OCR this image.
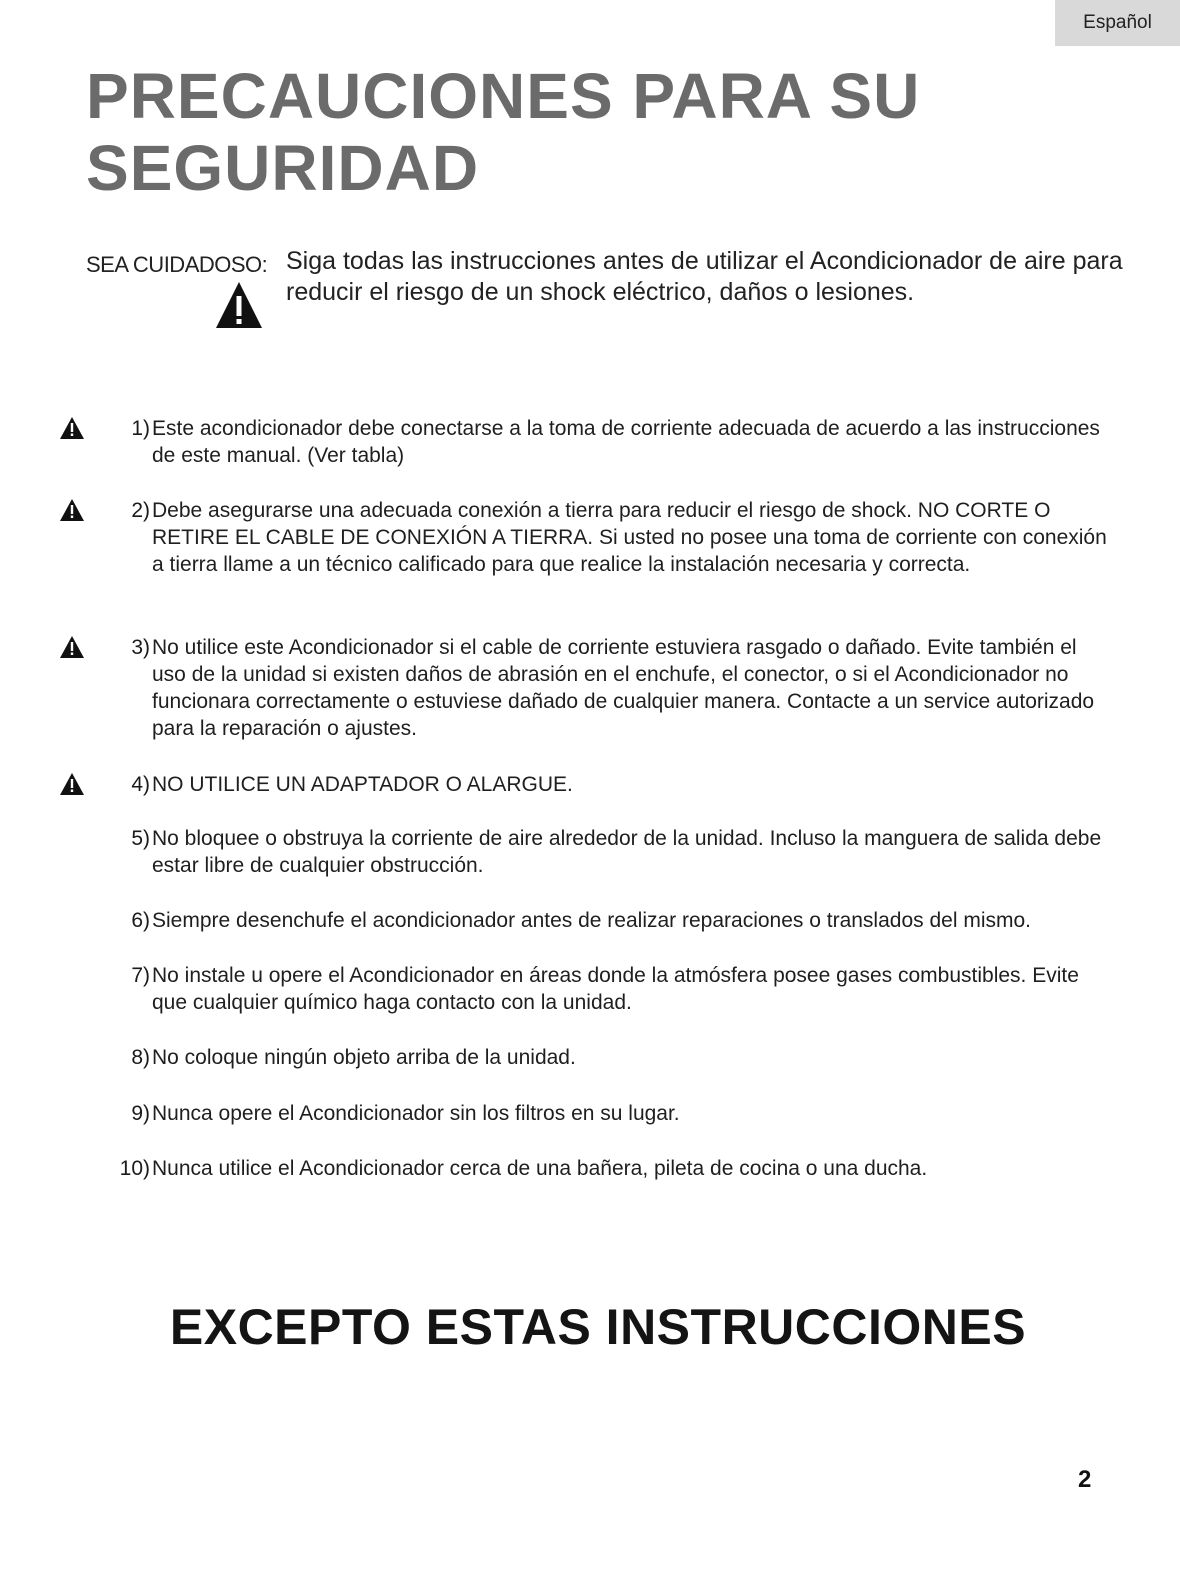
Español
PRECAUCIONES PARA SU SEGURIDAD
SEA CUIDADOSO: Siga todas las instrucciones antes de utilizar el Acondicionador de aire para reducir el riesgo de un shock eléctrico, daños o lesiones.
1) Este acondicionador debe conectarse a la toma de corriente adecuada de acuerdo a las instrucciones de este manual. (Ver tabla)
2) Debe asegurarse una adecuada conexión a tierra para reducir el riesgo de shock. NO CORTE O RETIRE EL CABLE DE CONEXIÓN A TIERRA. Si usted no posee una toma de corriente con conexión a tierra llame a un técnico calificado para que realice la instalación necesaria y correcta.
3) No utilice este Acondicionador si el cable de corriente estuviera rasgado o dañado. Evite también el uso de la unidad si existen daños de abrasión en el enchufe, el conector, o si el Acondicionador no funcionara correctamente o estuviese dañado de cualquier manera. Contacte a un service autorizado para la reparación o ajustes.
4) NO UTILICE UN ADAPTADOR O ALARGUE.
5) No bloquee o obstruya la corriente de aire alrededor de la unidad. Incluso la manguera de salida debe estar libre de cualquier obstrucción.
6) Siempre desenchufe el acondicionador antes de realizar reparaciones o translados del mismo.
7) No instale u opere el Acondicionador en áreas donde la atmósfera posee gases combustibles. Evite que cualquier químico haga contacto con la unidad.
8) No coloque ningún objeto arriba de la unidad.
9) Nunca opere el Acondicionador sin los filtros en su lugar.
10) Nunca utilice el Acondicionador cerca de una bañera, pileta de cocina o una ducha.
EXCEPTO ESTAS INSTRUCCIONES
2
